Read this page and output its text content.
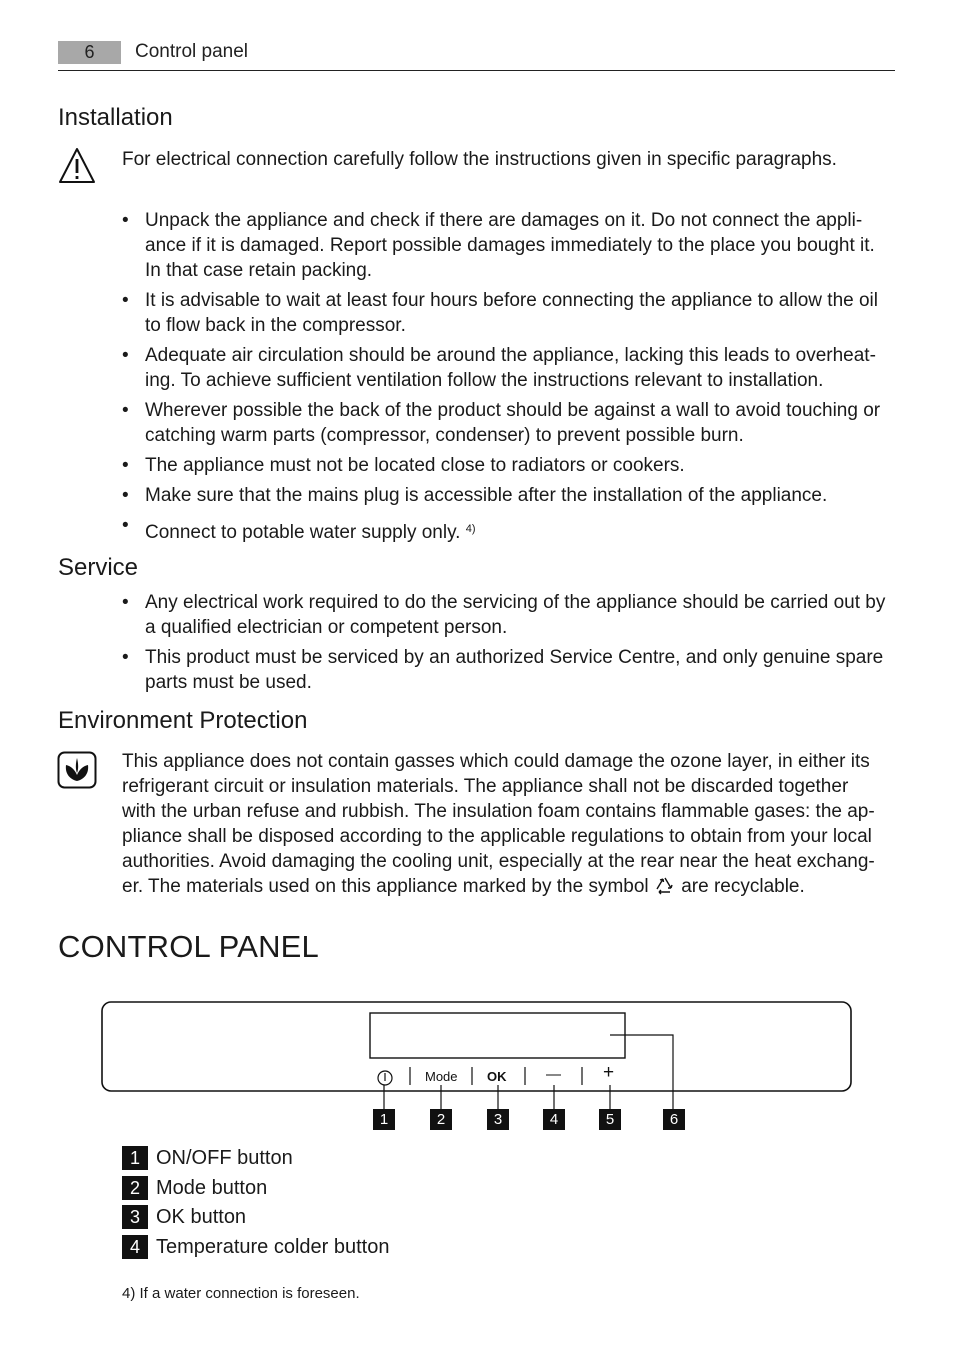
6	Control panel
Installation
For electrical connection carefully follow the instructions given in specific paragraphs.
• Unpack the appliance and check if there are damages on it. Do not connect the appli-
ance if it is damaged. Report possible damages immediately to the place you bought it.
In that case retain packing.
• It is advisable to wait at least four hours before connecting the appliance to allow the oil
to flow back in the compressor.
• Adequate air circulation should be around the appliance, lacking this leads to overheat-
ing. To achieve sufficient ventilation follow the instructions relevant to installation.
• Wherever possible the back of the product should be against a wall to avoid touching or
catching warm parts (compressor, condenser) to prevent possible burn.
• The appliance must not be located close to radiators or cookers.
• Make sure that the mains plug is accessible after the installation of the appliance.
• Connect to potable water supply only. $^{4)}$
Service
• Any electrical work required to do the servicing of the appliance should be carried out by
a qualified electrician or competent person.
• This product must be serviced by an authorized Service Centre, and only genuine spare
parts must be used.
Environment Protection
This appliance does not contain gasses which could damage the ozone layer, in either its
refrigerant circuit or insulation materials. The appliance shall not be discarded together
with the urban refuse and rubbish. The insulation foam contains flammable gases: the ap-
pliance shall be disposed according to the applicable regulations to obtain from your local
authorities. Avoid damaging the cooling unit, especially at the rear near the heat exchang-
er. The materials used on this appliance marked by the symbol are recyclable.
CONTROL PANEL
Mode OK	— +
1	2	3	4	5	6
1 ON/OFF button
2 Mode button
3 OK button
4 Temperature colder button
4) If a water connection is foreseen.
